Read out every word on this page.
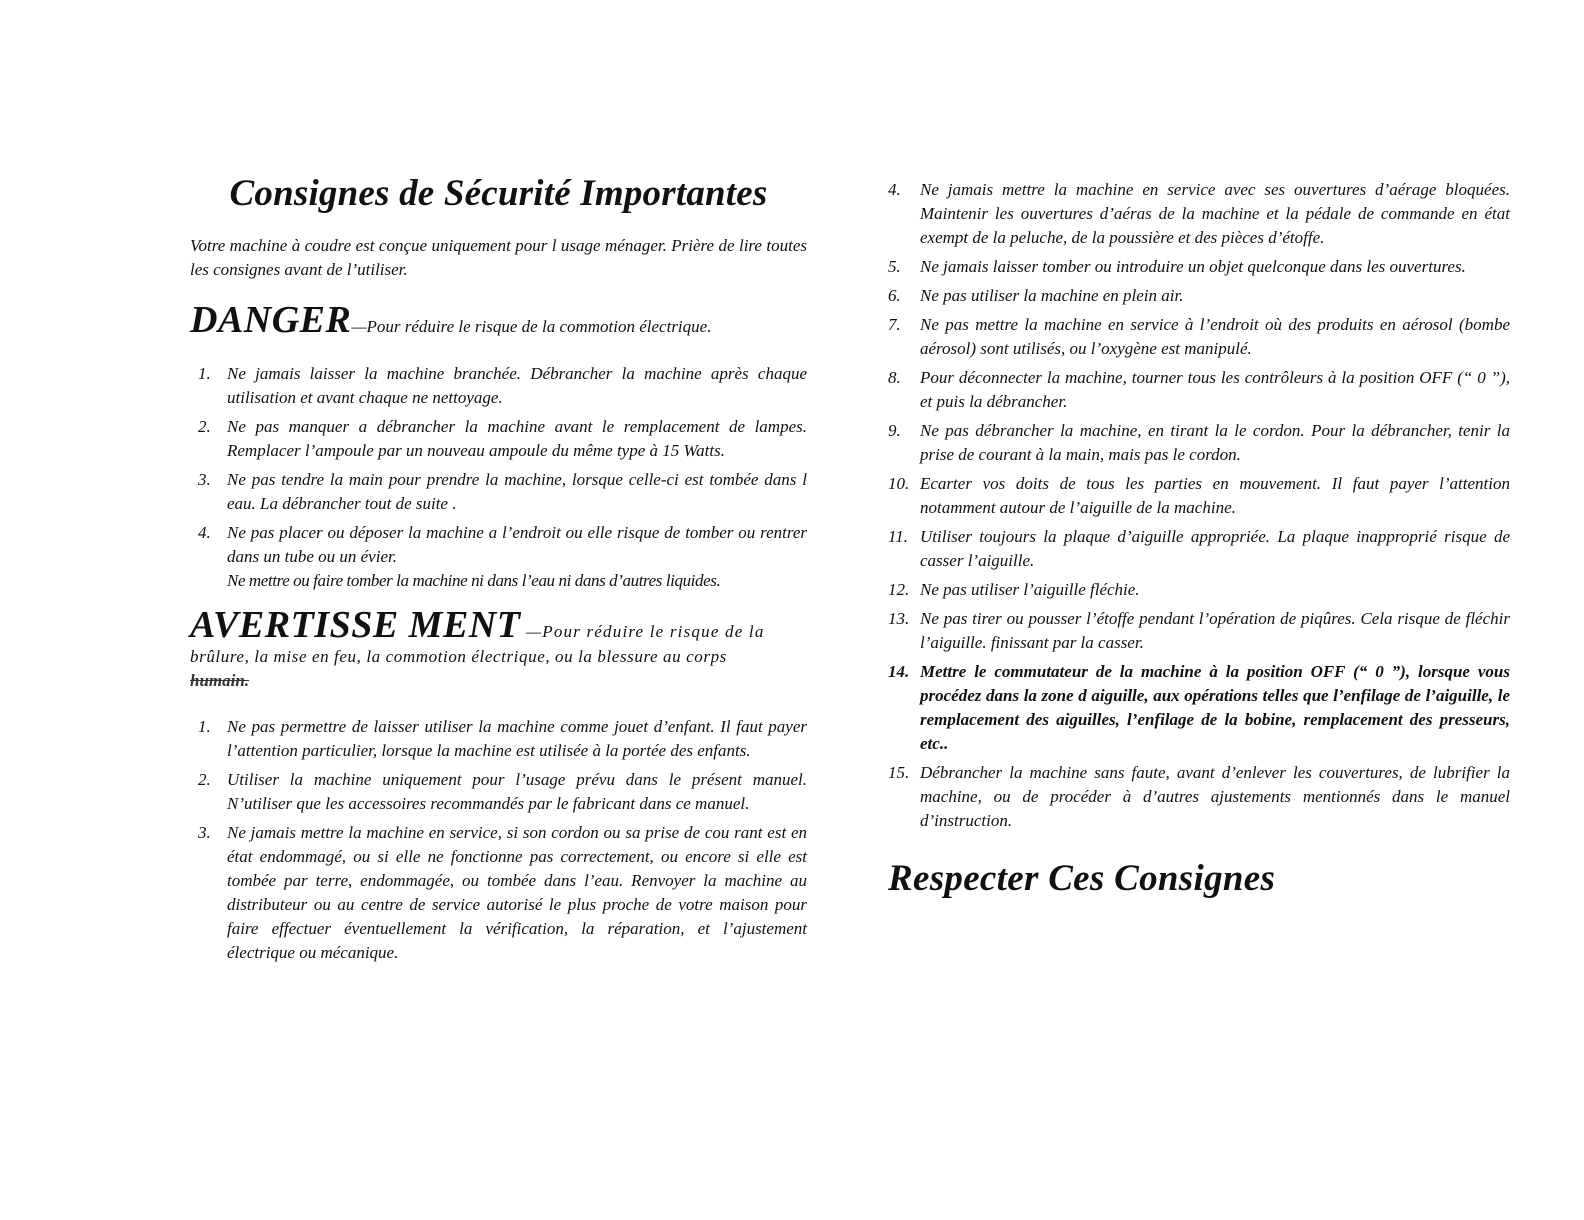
Consignes de Sécurité Importantes

Votre machine à coudre est conçue uniquement pour l usage ménager. Prière de lire toutes les consignes avant de l’utiliser.

DANGER—Pour réduire le risque de la commotion électrique.
1. Ne jamais laisser la machine branchée. Débrancher la machine après chaque utilisation et avant chaque ne nettoyage.
2. Ne pas manquer a débrancher la machine avant le remplacement de lampes. Remplacer l’ampoule par un nouveau ampoule du même type à 15 Watts.
3. Ne pas tendre la main pour prendre la machine, lorsque celle-ci est tombée dans l eau. La débrancher tout de suite .
4. Ne pas placer ou déposer la machine a l’endroit ou elle risque de tomber ou rentrer dans un tube ou un évier.
Ne mettre ou faire tomber la machine ni dans l’eau ni dans d’autres liquides.
AVERTISSE MENT —Pour réduire le risque de la
brûlure, la mise en feu, la commotion électrique, ou la blessure au corps
humain.
1. Ne pas permettre de laisser utiliser la machine comme jouet d’enfant. Il faut payer l’attention particulier, lorsque la machine est utilisée à la portée des enfants.
2. Utiliser la machine uniquement pour l’usage prévu dans le présent manuel. N’utiliser que les accessoires recommandés par le fabricant dans ce manuel.
3. Ne jamais mettre la machine en service, si son cordon ou sa prise de cou rant est en état endommagé, ou si elle ne fonctionne pas correctement, ou encore si elle est tombée par terre, endommagée, ou tombée dans l’eau. Renvoyer la machine au distributeur ou au centre de service autorisé le plus proche de votre maison pour faire effectuer éventuellement la vérification, la réparation, et l’ajustement électrique ou mécanique.
4. Ne jamais mettre la machine en service avec ses ouvertures d’aérage bloquées. Maintenir les ouvertures d’aéras de la machine et la pédale de commande en état exempt de la peluche, de la poussière et des pièces d’étoffe.
5. Ne jamais laisser tomber ou introduire un objet quelconque dans les ouvertures.
6. Ne pas utiliser la machine en plein air.
7. Ne pas mettre la machine en service à l’endroit où des produits en aérosol (bombe aérosol) sont utilisés, ou l’oxygène est manipulé.
8. Pour déconnecter la machine, tourner tous les contrôleurs à la position OFF (“ 0 ”), et puis la débrancher.
9. Ne pas débrancher la machine, en tirant la le cordon. Pour la débrancher, tenir la prise de courant à la main, mais pas le cordon.
10. Ecarter vos doits de tous les parties en mouvement. Il faut payer l’attention notamment autour de l’aiguille de la machine.
11. Utiliser toujours la plaque d’aiguille appropriée. La plaque inapproprié risque de casser l’aiguille.
12. Ne pas utiliser l’aiguille fléchie.
13. Ne pas tirer ou pousser l’étoffe pendant l’opération de piqûres. Cela risque de fléchir l’aiguille. finissant par la casser.
14. Mettre le commutateur de la machine à la position OFF (“ 0 ”), lorsque vous procédez dans la zone d aiguille, aux opérations telles que l’enfilage de l’aiguille, le remplacement des aiguilles, l’enfilage de la bobine, remplacement des presseurs, etc..
15. Débrancher la machine sans faute, avant d’enlever les couvertures, de lubrifier la machine, ou de procéder à d’autres ajustements mentionnés dans le manuel d’instruction.
Respecter Ces Consignes
